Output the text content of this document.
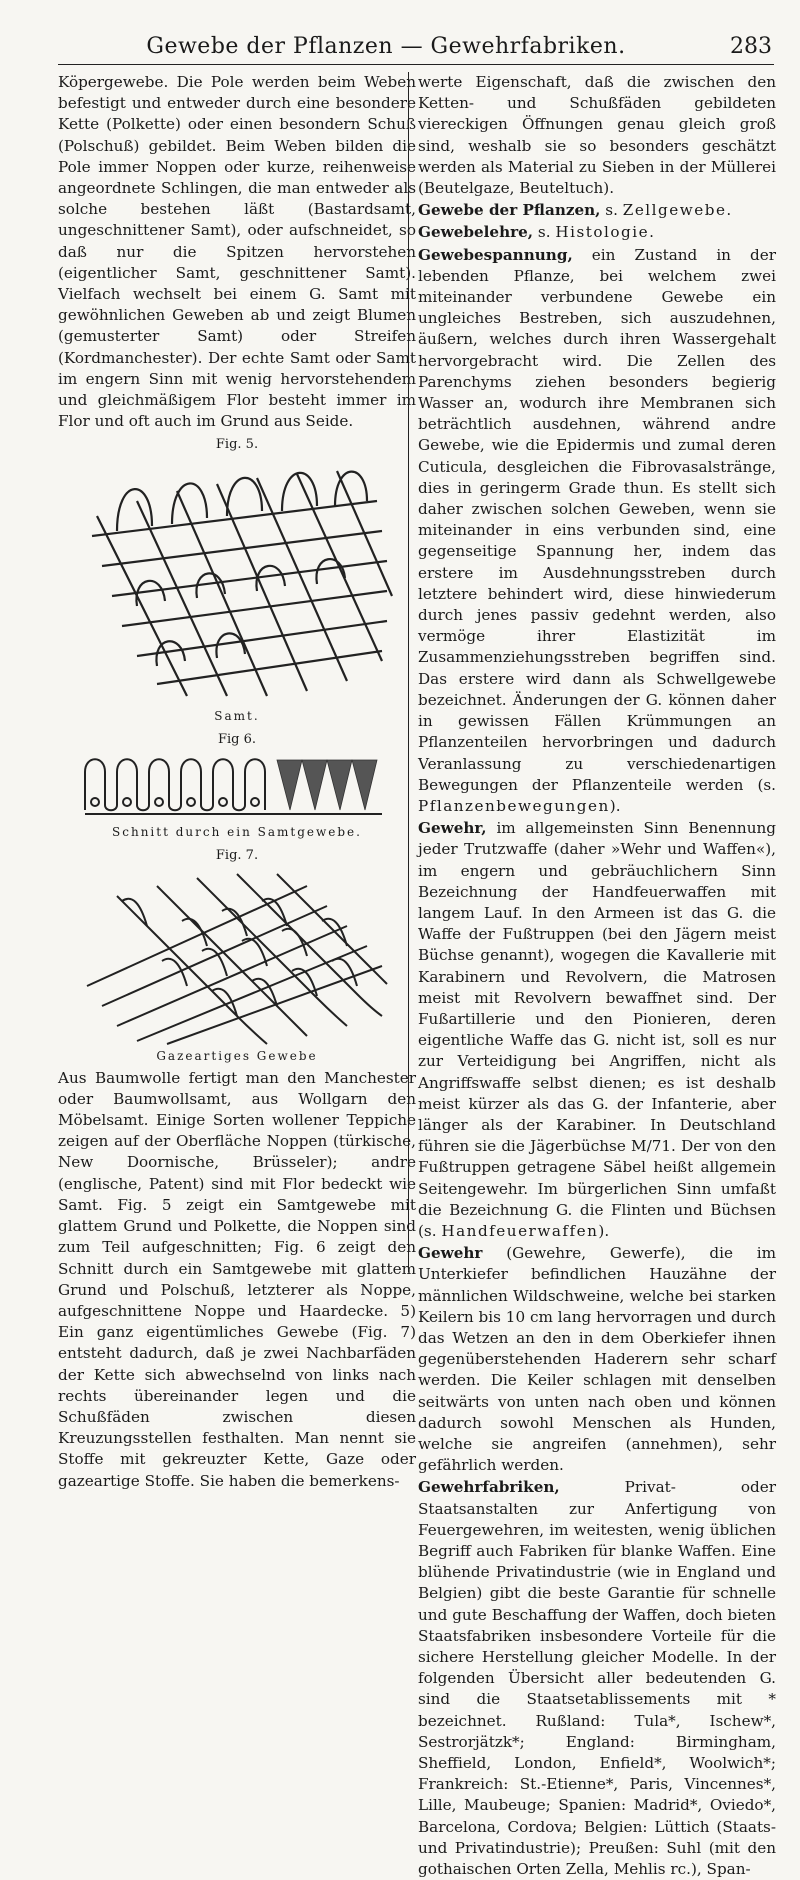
Gewebe der Pflanzen — Gewehrfabriken.	283

Köpergewebe. Die Pole werden beim Weben befestigt und entweder durch eine besondere Kette (Polkette) oder einen besondern Schuß (Polschuß) gebildet. Beim Weben bilden die Pole immer Noppen oder kurze, reihenweise angeordnete Schlingen, die man entweder als solche bestehen läßt (Bastardsamt, ungeschnittener Samt), oder aufschneidet, so daß nur die Spitzen hervorstehen (eigentlicher Samt, geschnittener Samt). Vielfach wechselt bei einem G. Samt mit gewöhnlichen Geweben ab und zeigt Blumen (gemusterter Samt) oder Streifen (Kordmanchester). Der echte Samt oder Samt im engern Sinn mit wenig hervorstehendem und gleichmäßigem Flor besteht immer im Flor und oft auch im Grund aus Seide.

Fig. 5.
Samt.
Fig 6.
Schnitt durch ein Samtgewebe.
Fig. 7.
Gazeartiges Gewebe

Aus Baumwolle fertigt man den Manchester oder Baumwollsamt, aus Wollgarn den Möbelsamt. Einige Sorten wollener Teppiche zeigen auf der Oberfläche Noppen (türkische, New Doornische, Brüsseler); andre (englische, Patent) sind mit Flor bedeckt wie Samt. Fig. 5 zeigt ein Samtgewebe mit glattem Grund und Polkette, die Noppen sind zum Teil aufgeschnitten; Fig. 6 zeigt den Schnitt durch ein Samtgewebe mit glattem Grund und Polschuß, letzterer als Noppe, aufgeschnittene Noppe und Haardecke. 5) Ein ganz eigentümliches Gewebe (Fig. 7) entsteht dadurch, daß je zwei Nachbarfäden der Kette sich abwechselnd von links nach rechts übereinander legen und die Schußfäden zwischen diesen Kreuzungsstellen festhalten. Man nennt sie Stoffe mit gekreuzter Kette, Gaze oder gazeartige Stoffe. Sie haben die bemerkens-

werte Eigenschaft, daß die zwischen den Ketten- und Schußfäden gebildeten viereckigen Öffnungen genau gleich groß sind, weshalb sie so besonders geschätzt werden als Material zu Sieben in der Müllerei (Beutelgaze, Beuteltuch).

Gewebe der Pflanzen, s. Zellgewebe.

Gewebelehre, s. Histologie.

Gewebespannung, ein Zustand in der lebenden Pflanze, bei welchem zwei miteinander verbundene Gewebe ein ungleiches Bestreben, sich auszudehnen, äußern, welches durch ihren Wassergehalt hervorgebracht wird. Die Zellen des Parenchyms ziehen besonders begierig Wasser an, wodurch ihre Membranen sich beträchtlich ausdehnen, während andre Gewebe, wie die Epidermis und zumal deren Cuticula, desgleichen die Fibrovasalstränge, dies in geringerm Grade thun. Es stellt sich daher zwischen solchen Geweben, wenn sie miteinander in eins verbunden sind, eine gegenseitige Spannung her, indem das erstere im Ausdehnungsstreben durch letztere behindert wird, diese hinwiederum durch jenes passiv gedehnt werden, also vermöge ihrer Elastizität im Zusammenziehungsstreben begriffen sind. Das erstere wird dann als Schwellgewebe bezeichnet. Änderungen der G. können daher in gewissen Fällen Krümmungen an Pflanzenteilen hervorbringen und dadurch Veranlassung zu verschiedenartigen Bewegungen der Pflanzenteile werden (s. Pflanzenbewegungen).

Gewehr, im allgemeinsten Sinn Benennung jeder Trutzwaffe (daher »Wehr und Waffen«), im engern und gebräuchlichern Sinn Bezeichnung der Handfeuerwaffen mit langem Lauf. In den Armeen ist das G. die Waffe der Fußtruppen (bei den Jägern meist Büchse genannt), wogegen die Kavallerie mit Karabinern und Revolvern, die Matrosen meist mit Revolvern bewaffnet sind. Der Fußartillerie und den Pionieren, deren eigentliche Waffe das G. nicht ist, soll es nur zur Verteidigung bei Angriffen, nicht als Angriffswaffe selbst dienen; es ist deshalb meist kürzer als das G. der Infanterie, aber länger als der Karabiner. In Deutschland führen sie die Jägerbüchse M/71. Der von den Fußtruppen getragene Säbel heißt allgemein Seitengewehr. Im bürgerlichen Sinn umfaßt die Bezeichnung G. die Flinten und Büchsen (s. Handfeuerwaffen).

Gewehr (Gewehre, Gewerfe), die im Unterkiefer befindlichen Hauzähne der männlichen Wildschweine, welche bei starken Keilern bis 10 cm lang hervorragen und durch das Wetzen an den in dem Oberkiefer ihnen gegenüberstehenden Haderern sehr scharf werden. Die Keiler schlagen mit denselben seitwärts von unten nach oben und können dadurch sowohl Menschen als Hunden, welche sie angreifen (annehmen), sehr gefährlich werden.

Gewehrfabriken, Privat- oder Staatsanstalten zur Anfertigung von Feuergewehren, im weitesten, wenig üblichen Begriff auch Fabriken für blanke Waffen. Eine blühende Privatindustrie (wie in England und Belgien) gibt die beste Garantie für schnelle und gute Beschaffung der Waffen, doch bieten Staatsfabriken insbesondere Vorteile für die sichere Herstellung gleicher Modelle. In der folgenden Übersicht aller bedeutenden G. sind die Staatsetablissements mit * bezeichnet. Rußland: Tula*, Ischew*, Sestrorjätzk*; England: Birmingham, Sheffield, London, Enfield*, Woolwich*; Frankreich: St.-Etienne*, Paris, Vincennes*, Lille, Maubeuge; Spanien: Madrid*, Oviedo*, Barcelona, Cordova; Belgien: Lüttich (Staats- und Privatindustrie); Preußen: Suhl (mit den gothaischen Orten Zella, Mehlis rc.), Span-
